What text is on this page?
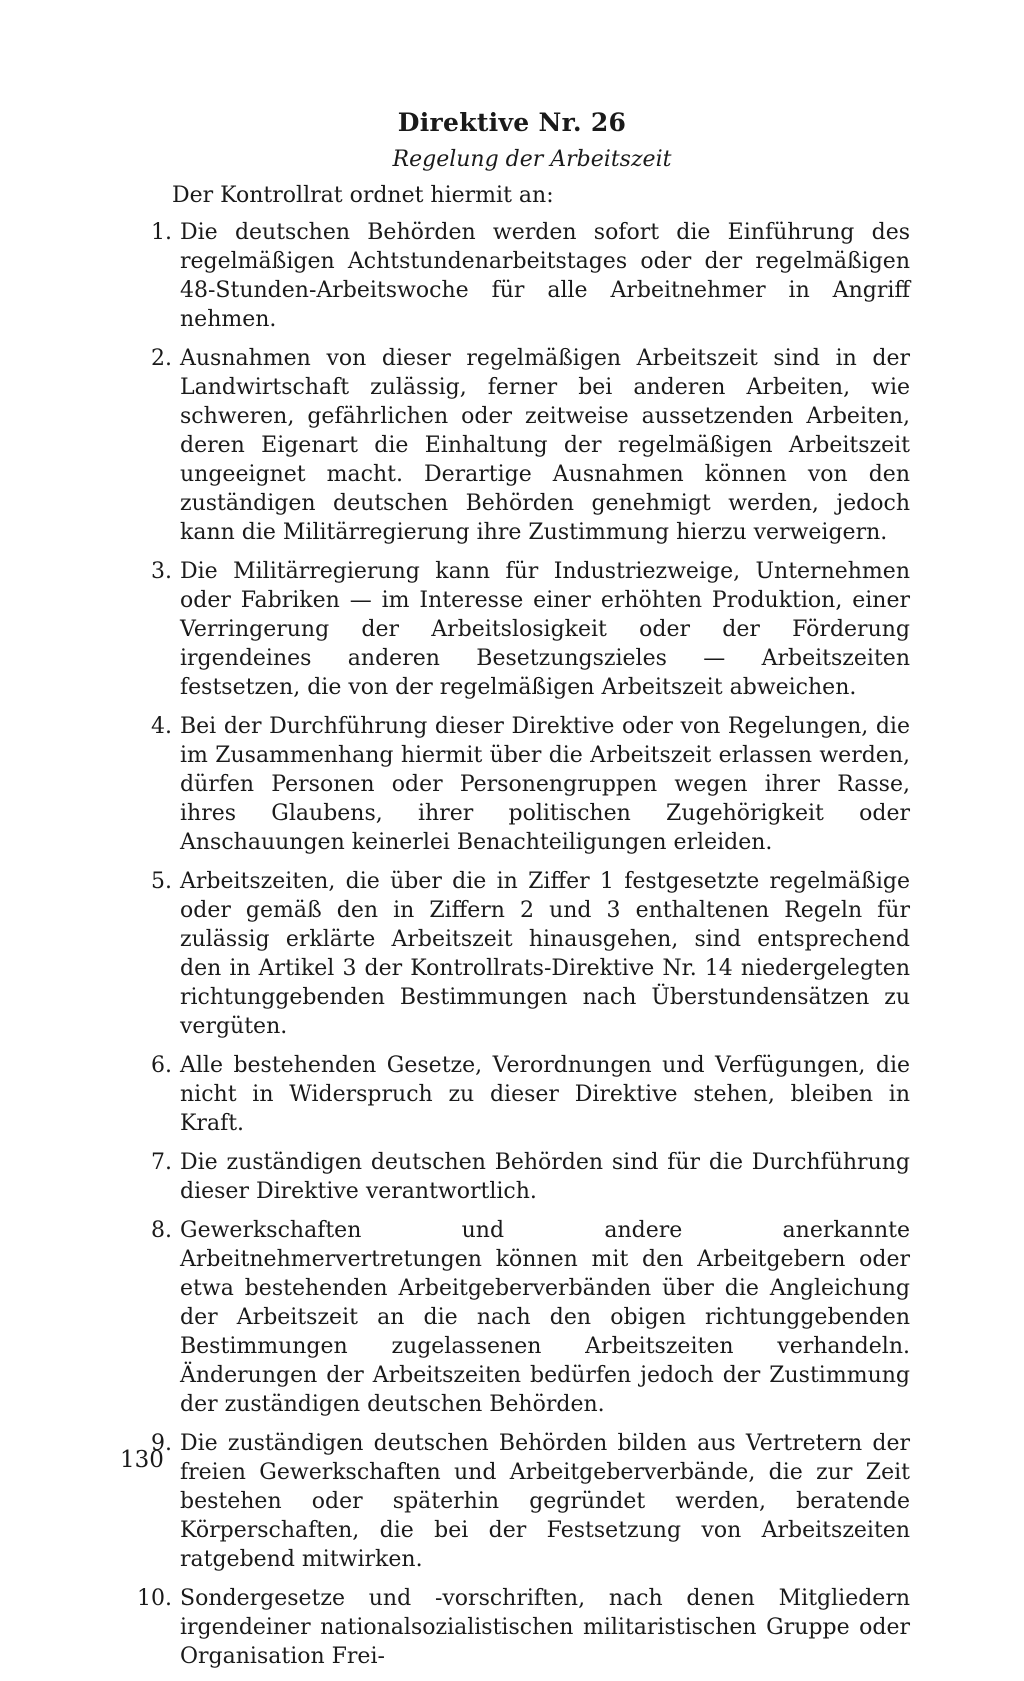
Direktive Nr. 26
Regelung der Arbeitszeit
Der Kontrollrat ordnet hiermit an:
1. Die deutschen Behörden werden sofort die Einführung des regelmäßigen Achtstundenarbeitstages oder der regelmäßigen 48-Stunden-Arbeitswoche für alle Arbeitnehmer in Angriff nehmen.
2. Ausnahmen von dieser regelmäßigen Arbeitszeit sind in der Landwirtschaft zulässig, ferner bei anderen Arbeiten, wie schweren, gefährlichen oder zeitweise aussetzenden Arbeiten, deren Eigenart die Einhaltung der regelmäßigen Arbeitszeit ungeeignet macht. Derartige Ausnahmen können von den zuständigen deutschen Behörden genehmigt werden, jedoch kann die Militärregierung ihre Zustimmung hierzu verweigern.
3. Die Militärregierung kann für Industriezweige, Unternehmen oder Fabriken — im Interesse einer erhöhten Produktion, einer Verringerung der Arbeitslosigkeit oder der Förderung irgendeines anderen Besetzungszieles — Arbeitszeiten festsetzen, die von der regelmäßigen Arbeitszeit abweichen.
4. Bei der Durchführung dieser Direktive oder von Regelungen, die im Zusammenhang hiermit über die Arbeitszeit erlassen werden, dürfen Personen oder Personengruppen wegen ihrer Rasse, ihres Glaubens, ihrer politischen Zugehörigkeit oder Anschauungen keinerlei Benachteiligungen erleiden.
5. Arbeitszeiten, die über die in Ziffer 1 festgesetzte regelmäßige oder gemäß den in Ziffern 2 und 3 enthaltenen Regeln für zulässig erklärte Arbeitszeit hinausgehen, sind entsprechend den in Artikel 3 der Kontrollrats-Direktive Nr. 14 niedergelegten richtunggebenden Bestimmungen nach Überstundensätzen zu vergüten.
6. Alle bestehenden Gesetze, Verordnungen und Verfügungen, die nicht in Widerspruch zu dieser Direktive stehen, bleiben in Kraft.
7. Die zuständigen deutschen Behörden sind für die Durchführung dieser Direktive verantwortlich.
8. Gewerkschaften und andere anerkannte Arbeitnehmervertretungen können mit den Arbeitgebern oder etwa bestehenden Arbeitgeberverbänden über die Angleichung der Arbeitszeit an die nach den obigen richtunggebenden Bestimmungen zugelassenen Arbeitszeiten verhandeln. Änderungen der Arbeitszeiten bedürfen jedoch der Zustimmung der zuständigen deutschen Behörden.
9. Die zuständigen deutschen Behörden bilden aus Vertretern der freien Gewerkschaften und Arbeitgeberverbände, die zur Zeit bestehen oder späterhin gegründet werden, beratende Körperschaften, die bei der Festsetzung von Arbeitszeiten ratgebend mitwirken.
10. Sondergesetze und -vorschriften, nach denen Mitgliedern irgendeiner nationalsozialistischen militaristischen Gruppe oder Organisation Frei-
130
